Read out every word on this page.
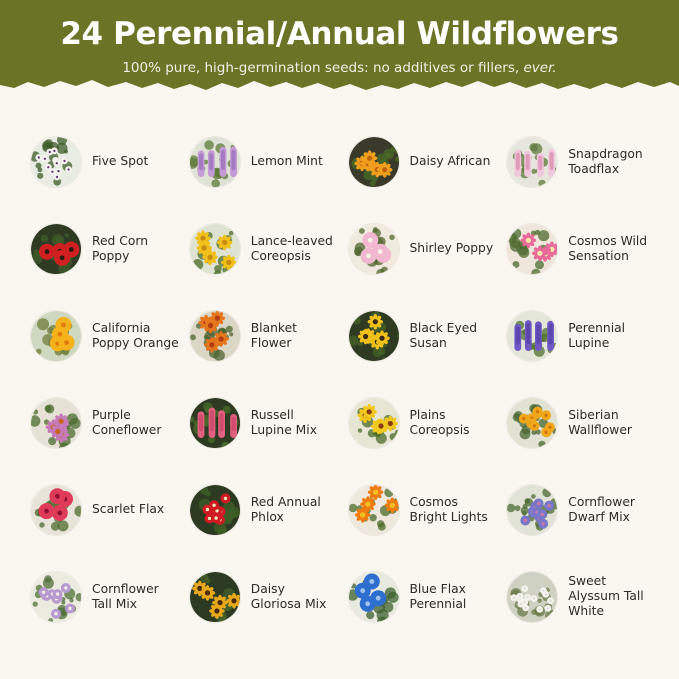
24 Perennial/Annual Wildflowers

100% pure, high-germination seeds: no additives or fillers, ever.

Five Spot	Lemon Mint	Daisy African
Snapdragon Toadflax
Red Corn Poppy
Lance-leaved Coreopsis
Shirley Poppy
Cosmos Wild Sensation
California Poppy Orange
Blanket Flower
Black Eyed Susan
Perennial Lupine
Purple Coneflower
Russell Lupine Mix
Plains Coreopsis
Siberian Wallflower
Scarlet Flax
Red Annual Phlox
Cosmos Bright Lights
Cornflower Dwarf Mix
Cornflower Tall Mix
Daisy Gloriosa Mix
Blue Flax Perennial
Sweet Alyssum Tall White
